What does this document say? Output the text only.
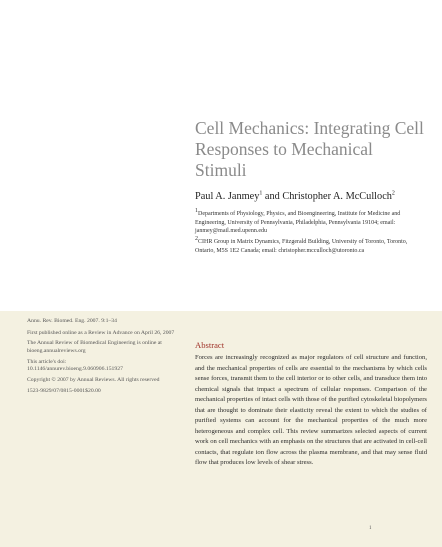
Cell Mechanics: Integrating Cell Responses to Mechanical Stimuli

Paul A. Janmey$^1$ and Christopher A. McCulloch$^2$

$^1$Departments of Physiology, Physics, and Bioengineering, Institute for Medicine and Engineering, University of Pennsylvania, Philadelphia, Pennsylvania 19104; email: janmey@mail.med.upenn.edu

$^2$CIHR Group in Matrix Dynamics, Fitzgerald Building, University of Toronto, Toronto, Ontario, M5S 1E2 Canada; email: christopher.mcculloch@utoronto.ca

Annu. Rev. Biomed. Eng. 2007. 9:1–34

First published online as a Review in Advance on April 26, 2007

The Annual Review of Biomedical Engineering is online at bioeng.annualreviews.org

This article's doi:
10.1146/annurev.bioeng.9.060906.151927

Copyright © 2007 by Annual Reviews. All rights reserved

1523-9829/07/0815-0001$20.00

Abstract

Forces are increasingly recognized as major regulators of cell structure and function, and the mechanical properties of cells are essential to the mechanisms by which cells sense forces, transmit them to the cell interior or to other cells, and transduce them into chemical signals that impact a spectrum of cellular responses. Comparison of the mechanical properties of intact cells with those of the purified cytoskeletal biopolymers that are thought to dominate their elasticity reveal the extent to which the studies of purified systems can account for the mechanical properties of the much more heterogeneous and complex cell. This review summarizes selected aspects of current work on cell mechanics with an emphasis on the structures that are activated in cell-cell contacts, that regulate ion flow across the plasma membrane, and that may sense fluid flow that produces low levels of shear stress.

1
